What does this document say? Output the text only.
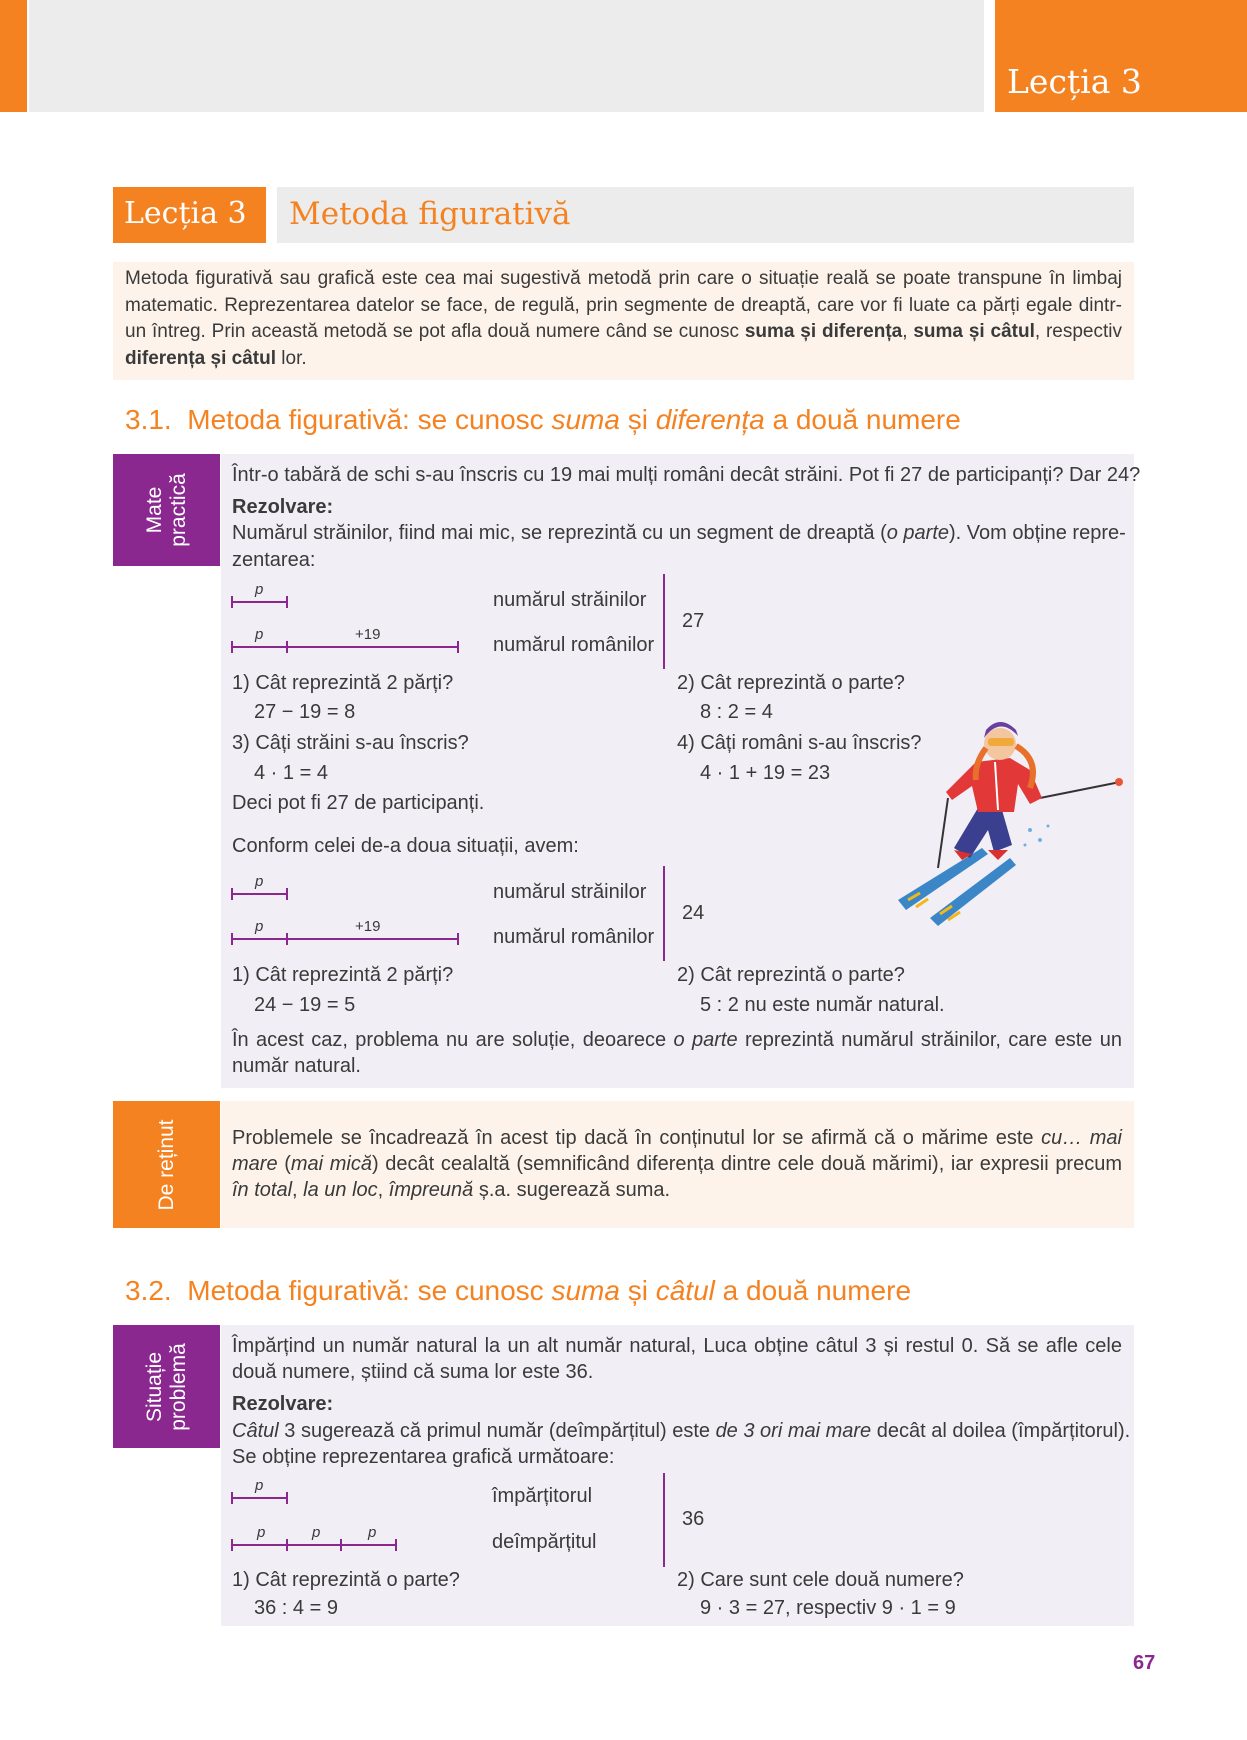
Lecția 3
Lecția 3	Metoda figurativă
Metoda figurativă sau grafică este cea mai sugestivă metodă prin care o situație reală se poate transpune în limbaj matematic. Reprezentarea datelor se face, de regulă, prin segmente de dreaptă, care vor fi luate ca părți egale dintr-un întreg. Prin această metodă se pot afla două numere când se cunosc suma și diferența, suma și câtul, respectiv diferența și câtul lor.
3.1. Metoda figurativă: se cunosc suma și diferența a două numere
Mate
practică Într-o tabără de schi s-au înscris cu 19 mai mulți români decât străini. Pot fi 27 de participanți? Dar 24?
Rezolvare:
Numărul străinilor, fiind mai mic, se reprezintă cu un segment de dreaptă (o parte). Vom obține repre-
zentarea:
p	numărul străinilor
p	+19	numărul românilor
27
1) Cât reprezintă 2 părți?
27 − 19 = 8
2) Cât reprezintă o parte?
8 : 2 = 4
3) Câți străini s-au înscris?
4 · 1 = 4
4) Câți români s-au înscris?
4 · 1 + 19 = 23
Deci pot fi 27 de participanți.
Conform celei de-a doua situații, avem:
p	numărul străinilor
p	+19	numărul românilor
24
1) Cât reprezintă 2 părți?
24 − 19 = 5
2) Cât reprezintă o parte?
5 : 2 nu este număr natural.
În acest caz, problema nu are soluție, deoarece o parte reprezintă numărul străinilor, care este un număr natural.
De reținut	Problemele se încadrează în acest tip dacă în conținutul lor se afirmă că o mărime este cu… mai mare (mai mică) decât cealaltă (semnificând diferența dintre cele două mărimi), iar expresii precum în total, la un loc, împreună ș.a. sugerează suma.
3.2. Metoda figurativă: se cunosc suma și câtul a două numere
Situație
problemă Împărțind un număr natural la un alt număr natural, Luca obține câtul 3 și restul 0. Să se afle cele două numere, știind că suma lor este 36.
Rezolvare:
Câtul 3 sugerează că primul număr (deîmpărțitul) este de 3 ori mai mare decât al doilea (împărțitorul).
Se obține reprezentarea grafică următoare:
p	împărțitorul
p	p	p	deîmpărțitul
36
1) Cât reprezintă o parte?
36 : 4 = 9
2) Care sunt cele două numere?
9 · 3 = 27, respectiv 9 · 1 = 9
67
